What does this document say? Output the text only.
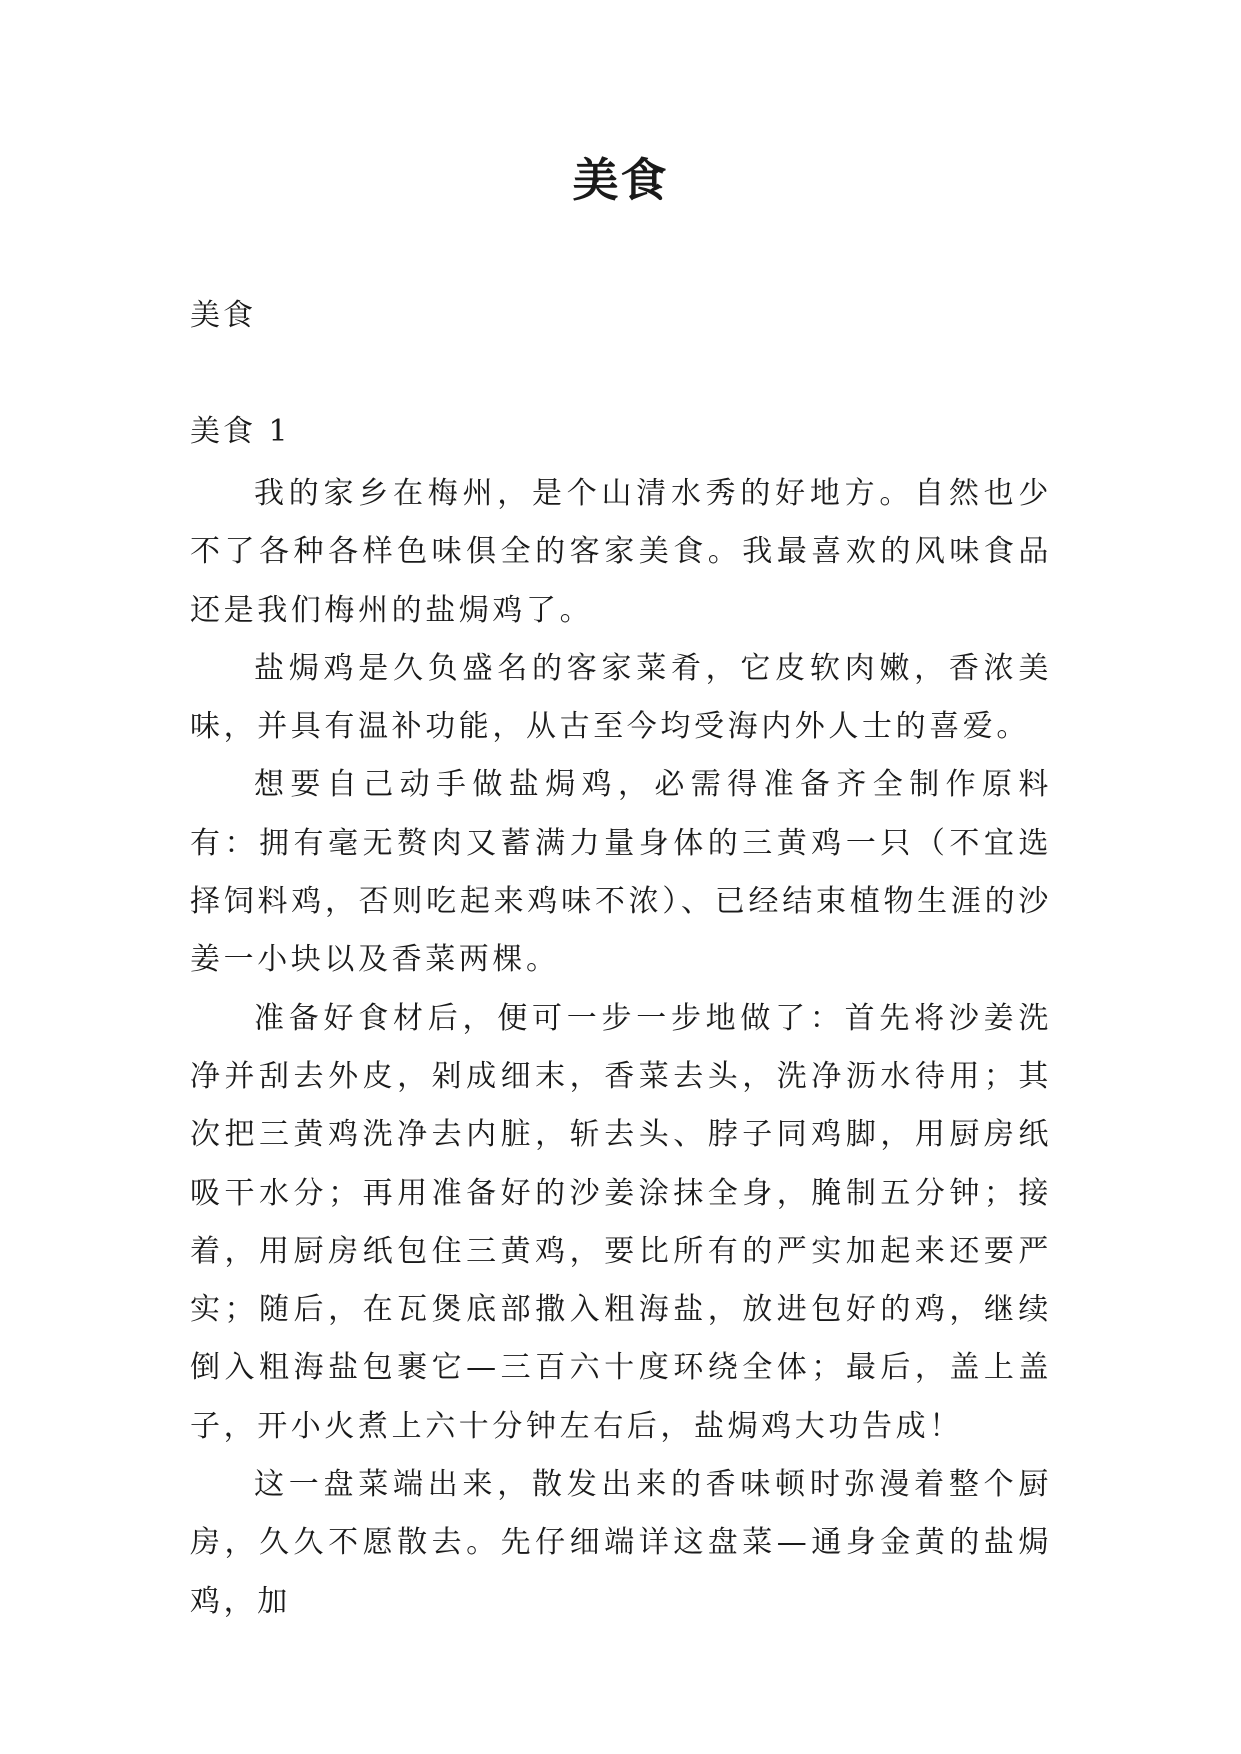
美食
美食
美食 1

我的家乡在梅州，是个山清水秀的好地方。自然也少不了各种各样色味俱全的客家美食。我最喜欢的风味食品还是我们梅州的盐焗鸡了。

盐焗鸡是久负盛名的客家菜肴，它皮软肉嫩，香浓美味，并具有温补功能，从古至今均受海内外人士的喜爱。

想要自己动手做盐焗鸡，必需得准备齐全制作原料有：拥有毫无赘肉又蓄满力量身体的三黄鸡一只（不宜选择饲料鸡，否则吃起来鸡味不浓）、已经结束植物生涯的沙姜一小块以及香菜两棵。

准备好食材后，便可一步一步地做了：首先将沙姜洗净并刮去外皮，剁成细末，香菜去头，洗净沥水待用；其次把三黄鸡洗净去内脏，斩去头、脖子同鸡脚，用厨房纸吸干水分；再用准备好的沙姜涂抹全身，腌制五分钟；接着，用厨房纸包住三黄鸡，要比所有的严实加起来还要严实；随后，在瓦煲底部撒入粗海盐，放进包好的鸡，继续倒入粗海盐包裹它—三百六十度环绕全体；最后，盖上盖子，开小火煮上六十分钟左右后，盐焗鸡大功告成！

这一盘菜端出来，散发出来的香味顿时弥漫着整个厨房，久久不愿散去。先仔细端详这盘菜—通身金黄的盐焗鸡，加
